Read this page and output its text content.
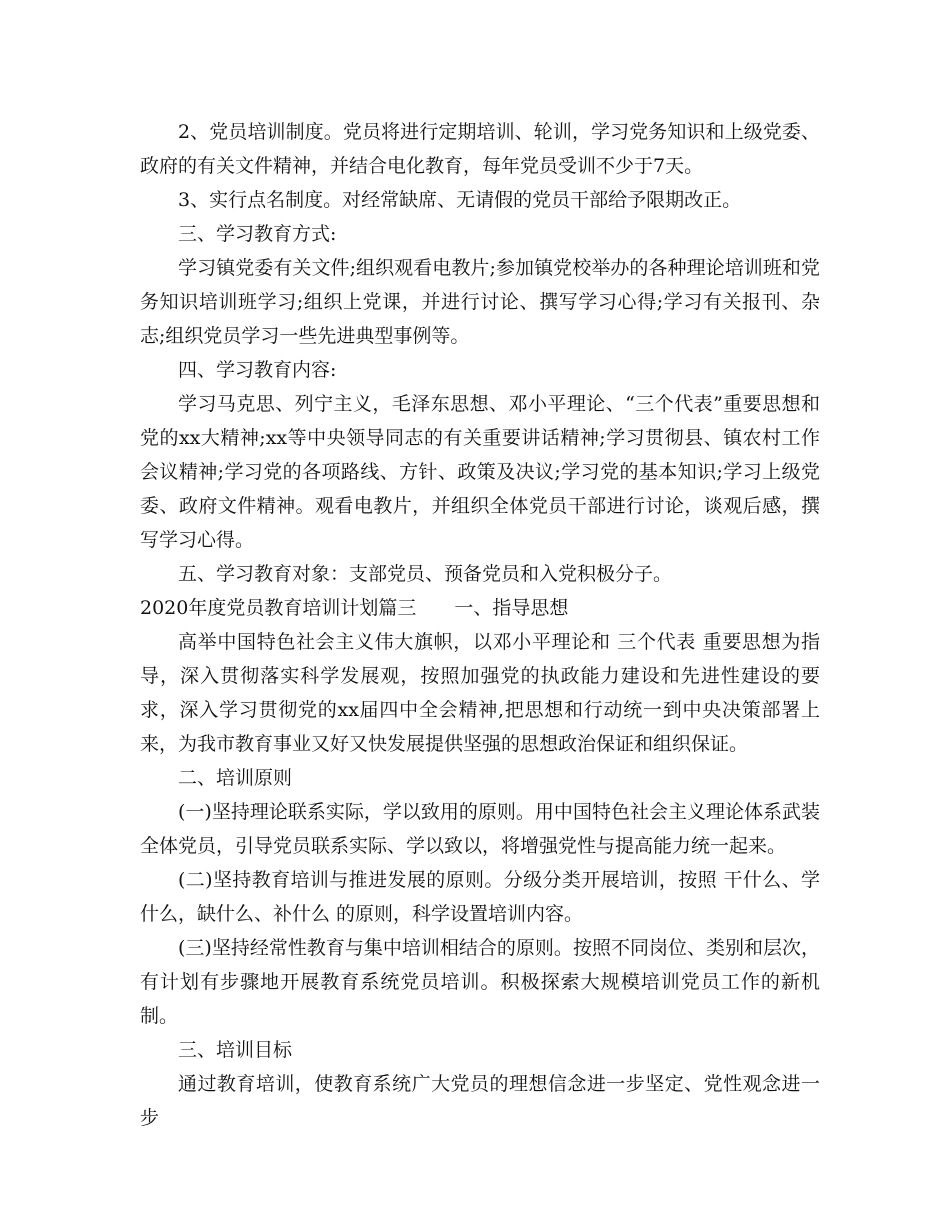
2、党员培训制度。党员将进行定期培训、轮训，学习党务知识和上级党委、政府的有关文件精神，并结合电化教育，每年党员受训不少于7天。

3、实行点名制度。对经常缺席、无请假的党员干部给予限期改正。

三、学习教育方式:

学习镇党委有关文件;组织观看电教片;参加镇党校举办的各种理论培训班和党务知识培训班学习;组织上党课，并进行讨论、撰写学习心得;学习有关报刊、杂志;组织党员学习一些先进典型事例等。

四、学习教育内容:

学习马克思、列宁主义，毛泽东思想、邓小平理论、“三个代表”重要思想和党的xx大精神;xx等中央领导同志的有关重要讲话精神;学习贯彻县、镇农村工作会议精神;学习党的各项路线、方针、政策及决议;学习党的基本知识;学习上级党委、政府文件精神。观看电教片，并组织全体党员干部进行讨论，谈观后感，撰写学习心得。

五、学习教育对象：支部党员、预备党员和入党积极分子。

2020年度党员教育培训计划篇三 一、指导思想

高举中国特色社会主义伟大旗帜，以邓小平理论和 三个代表 重要思想为指导，深入贯彻落实科学发展观，按照加强党的执政能力建设和先进性建设的要求，深入学习贯彻党的xx届四中全会精神,把思想和行动统一到中央决策部署上来，为我市教育事业又好又快发展提供坚强的思想政治保证和组织保证。

二、培训原则

(一)坚持理论联系实际，学以致用的原则。用中国特色社会主义理论体系武装全体党员，引导党员联系实际、学以致以，将增强党性与提高能力统一起来。

(二)坚持教育培训与推进发展的原则。分级分类开展培训，按照 干什么、学什么，缺什么、补什么 的原则，科学设置培训内容。

(三)坚持经常性教育与集中培训相结合的原则。按照不同岗位、类别和层次，有计划有步骤地开展教育系统党员培训。积极探索大规模培训党员工作的新机制。

三、培训目标

通过教育培训，使教育系统广大党员的理想信念进一步坚定、党性观念进一步
